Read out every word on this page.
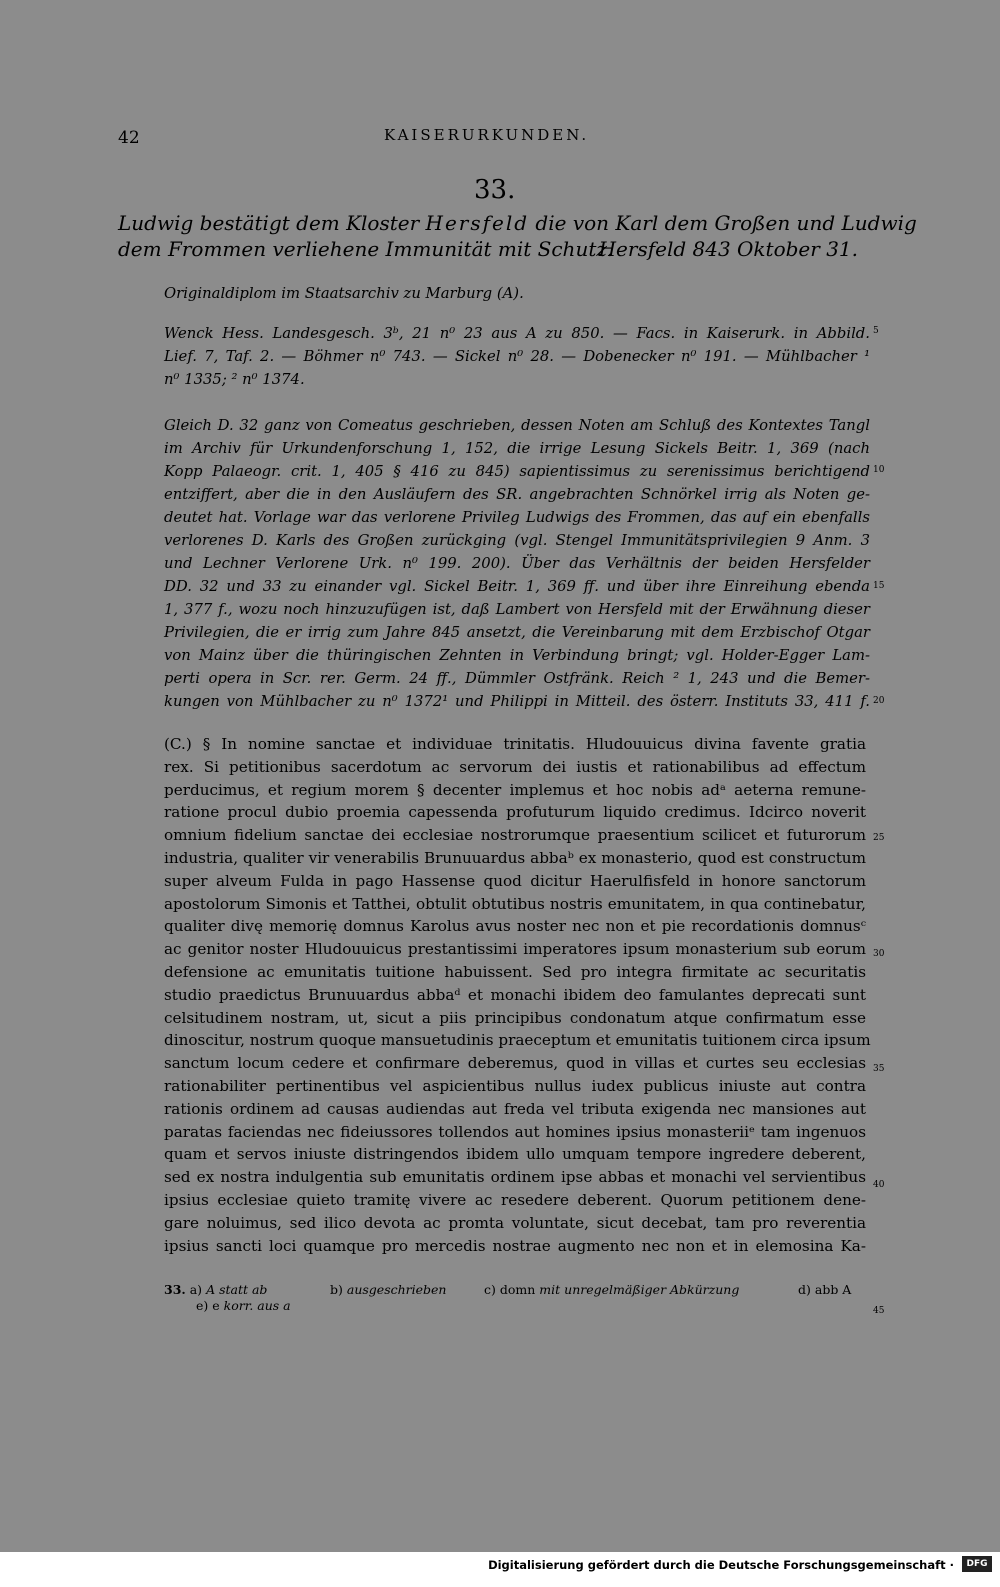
42	KAISERURKUNDEN.
33.
Ludwig bestätigt dem Kloster Hersfeld die von Karl dem Großen und Ludwig
dem Frommen verliehene Immunität mit Schutz.
Hersfeld 843 Oktober 31.
Originaldiplom im Staatsarchiv zu Marburg (A).
Wenck Hess. Landesgesch. 3ᵇ, 21 n⁰ 23 aus A zu 850. — Facs. in Kaiserurk. in Abbild.
Lief. 7, Taf. 2. — Böhmer n⁰ 743. — Sickel n⁰ 28. — Dobenecker n⁰ 191. — Mühlbacher ¹
n⁰ 1335; ² n⁰ 1374.
Gleich D. 32 ganz von Comeatus geschrieben, dessen Noten am Schluß des Kontextes Tangl
im Archiv für Urkundenforschung 1, 152, die irrige Lesung Sickels Beitr. 1, 369 (nach
Kopp Palaeogr. crit. 1, 405 § 416 zu 845) sapientissimus zu serenissimus berichtigend
entziffert, aber die in den Ausläufern des SR. angebrachten Schnörkel irrig als Noten ge-
deutet hat. Vorlage war das verlorene Privileg Ludwigs des Frommen, das auf ein ebenfalls
verlorenes D. Karls des Großen zurückging (vgl. Stengel Immunitätsprivilegien 9 Anm. 3
und Lechner Verlorene Urk. n⁰ 199. 200). Über das Verhältnis der beiden Hersfelder
DD. 32 und 33 zu einander vgl. Sickel Beitr. 1, 369 ff. und über ihre Einreihung ebenda
1, 377 f., wozu noch hinzuzufügen ist, daß Lambert von Hersfeld mit der Erwähnung dieser
Privilegien, die er irrig zum Jahre 845 ansetzt, die Vereinbarung mit dem Erzbischof Otgar
von Mainz über die thüringischen Zehnten in Verbindung bringt; vgl. Holder-Egger Lam-
perti opera in Scr. rer. Germ. 24 ff., Dümmler Ostfränk. Reich ² 1, 243 und die Bemer-
kungen von Mühlbacher zu n⁰ 1372¹ und Philippi in Mitteil. des österr. Instituts 33, 411 f.
(C.) § In nomine sanctae et individuae trinitatis. Hludouuicus divina favente gratia
rex. Si petitionibus sacerdotum ac servorum dei iustis et rationabilibus ad effectum
perducimus, et regium morem § decenter implemus et hoc nobis adᵃ aeterna remune-
ratione procul dubio proemia capessenda profuturum liquido credimus. Idcirco noverit
omnium fidelium sanctae dei ecclesiae nostrorumque praesentium scilicet et futurorum
industria, qualiter vir venerabilis Brunuuardus abbaᵇ ex monasterio, quod est constructum
super alveum Fulda in pago Hassense quod dicitur Haerulfisfeld in honore sanctorum
apostolorum Simonis et Tatthei, obtulit obtutibus nostris emunitatem, in qua continebatur,
qualiter divę memorię domnus Karolus avus noster nec non et pie recordationis domnusᶜ
ac genitor noster Hludouuicus prestantissimi imperatores ipsum monasterium sub eorum
defensione ac emunitatis tuitione habuissent. Sed pro integra firmitate ac securitatis
studio praedictus Brunuuardus abbaᵈ et monachi ibidem deo famulantes deprecati sunt
celsitudinem nostram, ut, sicut a piis principibus condonatum atque confirmatum esse
dinoscitur, nostrum quoque mansuetudinis praeceptum et emunitatis tuitionem circa ipsum
sanctum locum cedere et confirmare deberemus, quod in villas et curtes seu ecclesias
rationabiliter pertinentibus vel aspicientibus nullus iudex publicus iniuste aut contra
rationis ordinem ad causas audiendas aut freda vel tributa exigenda nec mansiones aut
paratas faciendas nec fideiussores tollendos aut homines ipsius monasteriiᵉ tam ingenuos
quam et servos iniuste distringendos ibidem ullo umquam tempore ingredere deberent,
sed ex nostra indulgentia sub emunitatis ordinem ipse abbas et monachi vel servientibus
ipsius ecclesiae quieto tramitę vivere ac resedere deberent. Quorum petitionem dene-
gare noluimus, sed ilico devota ac promta voluntate, sicut decebat, tam pro reverentia
ipsius sancti loci quamque pro mercedis nostrae augmento nec non et in elemosina Ka-
5
10
15
20
25
30
35
40
45
33. a) A statt ab	b) ausgeschrieben	c) domn mit unregelmäßiger Abkürzung	d) abb A
e) e korr. aus a
Digitalisierung gefördert durch die Deutsche Forschungsgemeinschaft ·	DFG
